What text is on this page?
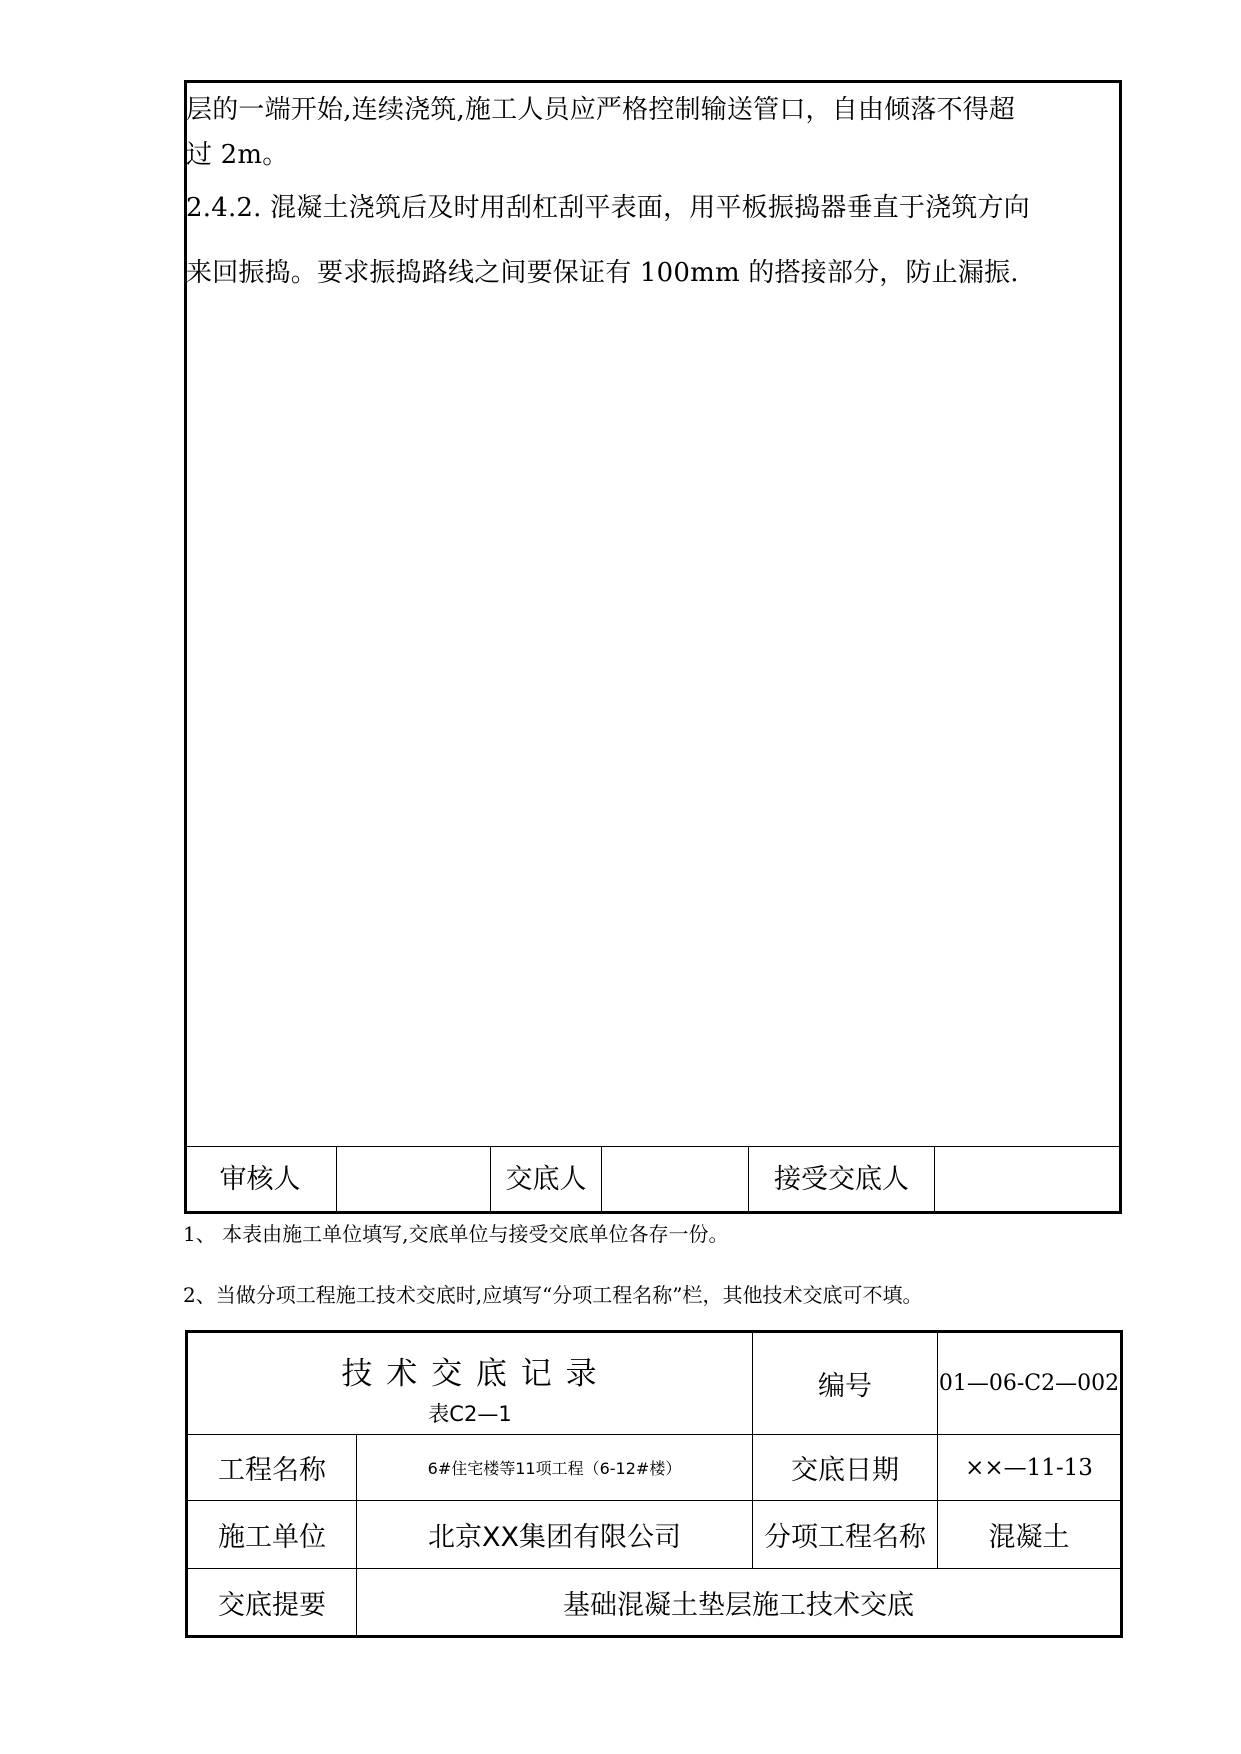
层的一端开始,连续浇筑,施工人员应严格控制输送管口，自由倾落不得超
过 2m。
2.4.2. 混凝土浇筑后及时用刮杠刮平表面，用平板振捣器垂直于浇筑方向
来回振捣。要求振捣路线之间要保证有 100mm 的搭接部分，防止漏振.
审核人	交底人	接受交底人
1、 本表由施工单位填写,交底单位与接受交底单位各存一份。
2、当做分项工程施工技术交底时,应填写“分项工程名称”栏，其他技术交底可不填。
技 术 交 底 记 录
表C2—1
编号	01—06-C2—002
工程名称	6#住宅楼等11项工程（6-12#楼）	交底日期	××—11-13
施工单位	北京XX集团有限公司	分项工程名称	混凝土
交底提要	基础混凝土垫层施工技术交底
